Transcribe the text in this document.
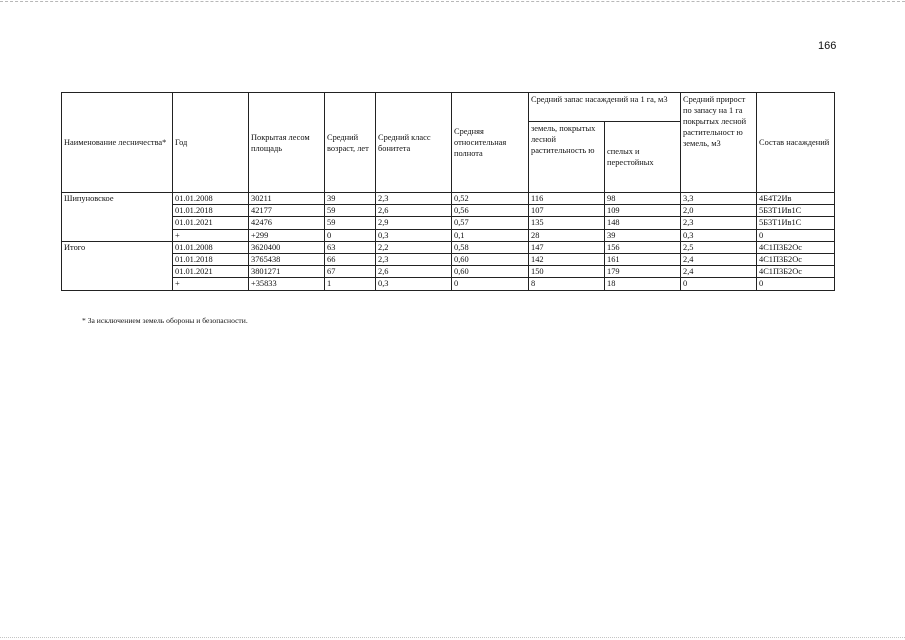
166
Наименование лесничества*	Год	Покрытая лесом площадь	Средний возраст, лет	Средний класс бонитета	Средняя относительная полнота	Средний запас насаждений на 1 га, м3		Средний прирост по запасу на 1 га покрытых лесной растительност ю земель, м3	Состав насаждений
						земель, покрытых лесной растительность ю	спелых и перестойных		
Шипуновское	01.01.2008	30211	39	2,3	0,52	116	98	3,3	4Б4Т2Ив
	01.01.2018	42177	59	2,6	0,56	107	109	2,0	5Б3Т1Ив1С
	01.01.2021	42476	59	2,9	0,57	135	148	2,3	5Б3Т1Ив1С
	+	+299	0	0,3	0,1	28	39	0,3	0
Итого	01.01.2008	3620400	63	2,2	0,58	147	156	2,5	4С1П3Б2Ос
	01.01.2018	3765438	66	2,3	0,60	142	161	2,4	4С1П3Б2Ос
	01.01.2021	3801271	67	2,6	0,60	150	179	2,4	4С1П3Б2Ос
	+	+35833	1	0,3	0	8	18	0	0
* За исключением земель обороны и безопасности.
